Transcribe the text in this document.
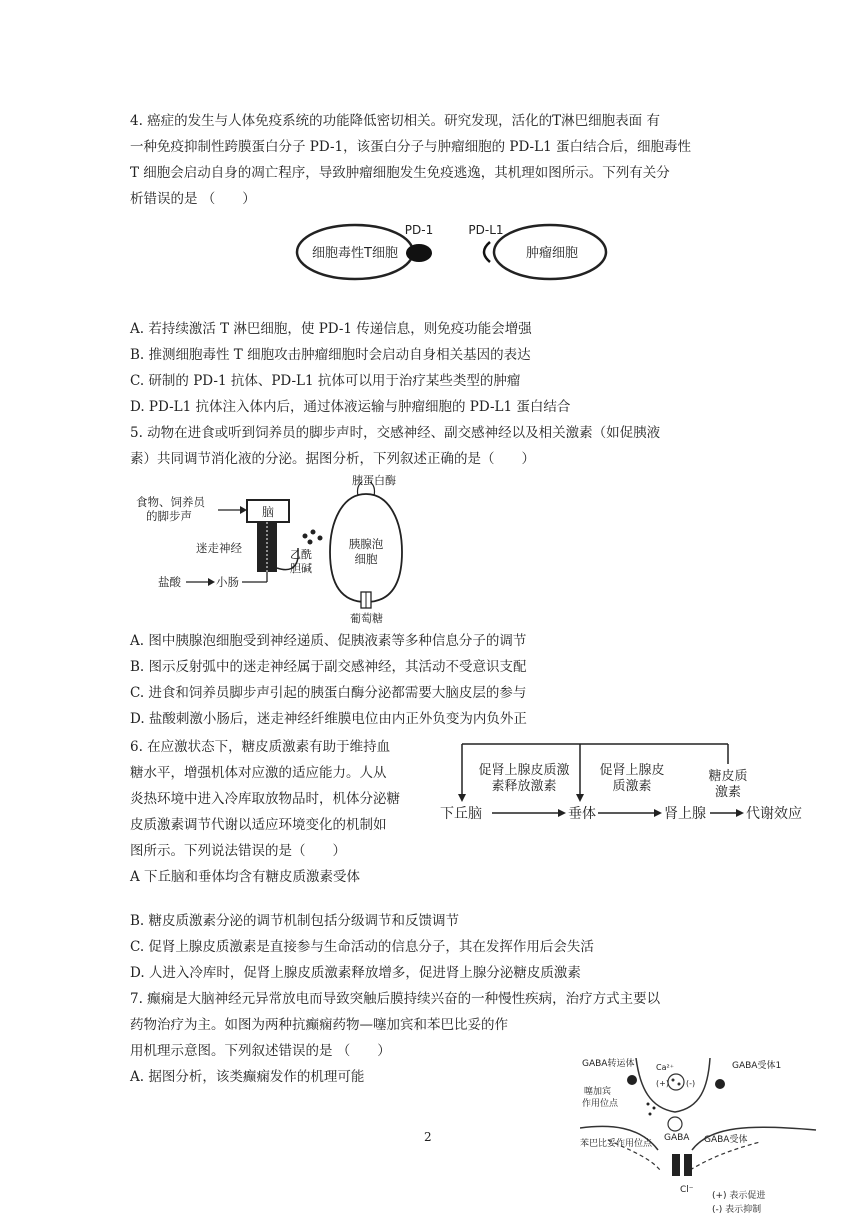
4. 癌症的发生与人体免疫系统的功能降低密切相关。研究发现，活化的T淋巴细胞表面 有

一种免疫抑制性跨膜蛋白分子 PD-1，该蛋白分子与肿瘤细胞的 PD-L1 蛋白结合后，细胞毒性

T 细胞会启动自身的凋亡程序，导致肿瘤细胞发生免疫逃逸，其机理如图所示。下列有关分

析错误的是 （　　）

细胞毒性T细胞
PD-1	PD-L1
肿瘤细胞

A. 若持续激活 T 淋巴细胞，使 PD-1 传递信息，则免疫功能会增强

B. 推测细胞毒性 T 细胞攻击肿瘤细胞时会启动自身相关基因的表达

C. 研制的 PD-1 抗体、PD-L1 抗体可以用于治疗某些类型的肿瘤

D. PD-L1 抗体注入体内后，通过体液运输与肿瘤细胞的 PD-L1 蛋白结合

5. 动物在进食或听到饲养员的脚步声时，交感神经、副交感神经以及相关激素（如促胰液

素）共同调节消化液的分泌。据图分析，下列叙述正确的是（　　）

食物、饲养员
的脚步声	脑
迷走神经	乙酰
胆碱
盐酸	小肠
胰蛋白酶
胰腺泡
细胞
葡萄糖

A. 图中胰腺泡细胞受到神经递质、促胰液素等多种信息分子的调节

B. 图示反射弧中的迷走神经属于副交感神经，其活动不受意识支配

C. 进食和饲养员脚步声引起的胰蛋白酶分泌都需要大脑皮层的参与

D. 盐酸刺激小肠后，迷走神经纤维膜电位由内正外负变为内负外正

6. 在应激状态下，糖皮质激素有助于维持血

糖水平，增强机体对应激的适应能力。人从

炎热环境中进入冷库取放物品时，机体分泌糖

皮质激素调节代谢以适应环境变化的机制如

图所示。下列说法错误的是（　　）

促肾上腺皮质激
素释放激素
促肾上腺皮
质激素
糖皮质
激素
下丘脑	垂体	肾上腺	代谢效应

A 下丘脑和垂体均含有糖皮质激素受体

B. 糖皮质激素分泌的调节机制包括分级调节和反馈调节

C. 促肾上腺皮质激素是直接参与生命活动的信息分子，其在发挥作用后会失活

D. 人进入冷库时，促肾上腺皮质激素释放增多，促进肾上腺分泌糖皮质激素

7. 癫痫是大脑神经元异常放电而导致突触后膜持续兴奋的一种慢性疾病，治疗方式主要以

药物治疗为主。如图为两种抗癫痫药物—噻加宾和苯巴比妥的作

用机理示意图。下列叙述错误的是 （　　）

A. 据图分析，该类癫痫发作的机理可能

Ca²⁺
(+) (-)
GABA转运体	GABA受体1
噻加宾
作用位点
GABA
苯巴比妥作用位点	GABA受体
Cl⁻
(+) 表示促进
(-) 表示抑制
2
